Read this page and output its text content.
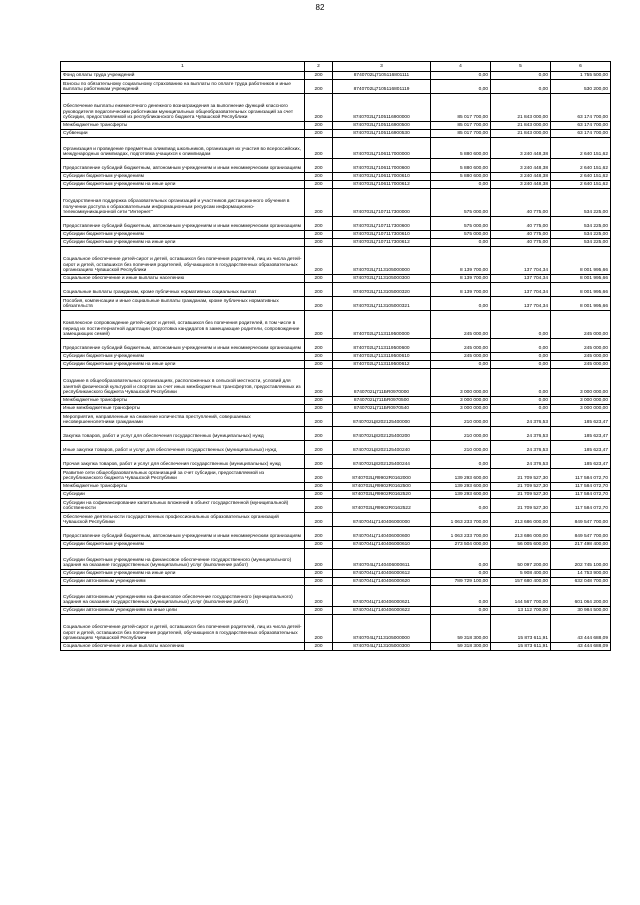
82
1	2	3	4	5	6
Фонд оплаты труда учреждений	200	8740702Ц7105116801111	0,00	0,00	1 755 500,00
Взносы по обязательному социальному страхованию на выплаты по оплате труда работников и иные выплаты работникам учреждений	200	8740702Ц7105116801119	0,00	0,00	530 200,00
Обеспечение выплаты ежемесячного денежного вознаграждения за выполнение функций классного руководителя педагогическим работникам муниципальных общеобразовательных организаций за счет субсидии, предоставляемой из республиканского бюджета Чувашской Республики	200	8740702Ц7105116900000	85 017 700,00	21 843 000,00	63 174 700,00
Межбюджетные трансферты	200	8740702Ц7105116900500	85 017 700,00	21 843 000,00	63 174 700,00
Субвенции	200	8740702Ц7105116900530	85 017 700,00	21 843 000,00	63 174 700,00
Организация и проведение предметных олимпиад школьников, организация их участия во всероссийских, международных олимпиадах, подготовка учащихся к олимпиадам	200	8740702Ц7106117000000	5 880 600,00	3 240 448,38	2 640 151,62
Предоставление субсидий бюджетным, автономным учреждениям и иным некоммерческим организациям	200	8740702Ц7106117000600	5 880 600,00	3 240 448,38	2 640 151,62
Субсидии бюджетным учреждениям	200	8740702Ц7106117000610	5 880 600,00	3 240 448,38	2 640 151,62
Субсидии бюджетным учреждениям на иные цели	200	8740702Ц7106117000612	0,00	3 240 448,38	2 640 151,62
Государственная поддержка образовательных организаций и участников дистанционного обучения в получении доступа к образовательным информационным ресурсам информационно-телекоммуникационной сети "Интернет"	200	8740702Ц7107117300000	575 000,00	40 775,00	534 225,00
Предоставление субсидий бюджетным, автономным учреждениям и иным некоммерческим организациям	200	8740702Ц7107117300600	575 000,00	40 775,00	534 225,00
Субсидии бюджетным учреждениям	200	8740702Ц7107117300610	575 000,00	40 775,00	534 225,00
Субсидии бюджетным учреждениям на иные цели	200	8740702Ц7107117300612	0,00	40 775,00	534 225,00
Социальное обеспечение детей-сирот и детей, оставшихся без попечения родителей, лиц из числа детей-сирот и детей, оставшихся без попечения родителей, обучающихся в государственных образовательных организациях Чувашской Республики	200	8740702Ц7113105000000	8 139 700,00	137 704,34	8 001 995,66
Социальное обеспечение и иные выплаты населению	200	8740702Ц7113105000300	8 139 700,00	137 704,34	8 001 995,66
Социальные выплаты гражданам, кроме публичных нормативных социальных выплат	200	8740702Ц7113105000320	8 139 700,00	137 704,34	8 001 995,66
Пособия, компенсации и иные социальные выплаты гражданам, кроме публичных нормативных обязательств	200	8740702Ц7113105000321	0,00	137 704,34	8 001 995,66
Комплексное сопровождение детей-сирот и детей, оставшихся без попечения родителей, в том числе в период их постинтернатной адаптации (подготовка кандидатов в замещающие родители, сопровождение замещающих семей)	200	8740702Ц7113119500000	245 000,00	0,00	245 000,00
Предоставление субсидий бюджетным, автономным учреждениям и иным некоммерческим организациям	200	8740702Ц7113119500600	245 000,00	0,00	245 000,00
Субсидии бюджетным учреждениям	200	8740702Ц7113119500610	245 000,00	0,00	245 000,00
Субсидии бюджетным учреждениям на иные цели	200	8740702Ц7113119500612	0,00	0,00	245 000,00
Создание в общеобразовательных организациях, расположенных в сельской местности, условий для занятий физической культурой и спортом за счет иных межбюджетных трансфертов, предоставляемых из республиканского бюджета Чувашской Республики	200	8740702Ц711БR0970000	3 000 000,00	0,00	3 000 000,00
Межбюджетные трансферты	200	8740702Ц711БR0970500	3 000 000,00	0,00	3 000 000,00
Иные межбюджетные трансферты	200	8740702Ц711БR0970540	3 000 000,00	0,00	3 000 000,00
Мероприятия, направленные на снижение количества преступлений, совершаемых несовершеннолетними гражданами	200	8740702Ц8202125400000	210 000,00	24 376,53	185 623,47
Закупка товаров, работ и услуг для обеспечения государственных (муниципальных) нужд	200	8740702Ц8202125400200	210 000,00	24 376,53	185 623,47
Иные закупки товаров, работ и услуг для обеспечения государственных (муниципальных) нужд	200	8740702Ц8202125400240	210 000,00	24 376,53	185 623,47
Прочая закупка товаров, работ и услуг для обеспечения государственных (муниципальных) нужд	200	8740702Ц8202125400244	0,00	24 376,53	185 623,47
Развитие сети общеобразовательных организаций за счет субсидии, предоставляемой из республиканского бюджета Чувашской Республики	200	8740702ЦЯ9902R0162000	139 293 600,00	21 709 527,30	117 584 072,70
Межбюджетные трансферты	200	8740702ЦЯ9902R0162500	139 293 600,00	21 709 527,30	117 584 072,70
Субсидии	200	8740702ЦЯ9902R0162520	139 293 600,00	21 709 527,30	117 584 072,70
Субсидии на софинансирование капитальных вложений в объект государственной (муниципальной) собственности	200	8740702ЦЯ9902R0162522	0,00	21 709 527,30	117 584 072,70
Обеспечение деятельности государственных профессиональных образовательных организаций Чувашской Республики	200	8740704Ц7140406000000	1 063 233 700,00	213 686 000,00	849 547 700,00
Предоставление субсидий бюджетным, автономным учреждениям и иным некоммерческим организациям	200	8740704Ц7140406000600	1 063 233 700,00	213 686 000,00	849 547 700,00
Субсидии бюджетным учреждениям	200	8740704Ц7140406000610	273 504 000,00	56 005 600,00	217 498 400,00
Субсидии бюджетным учреждениям на финансовое обеспечение государственного (муниципального) задания на оказание государственных (муниципальных) услуг (выполнение работ)	200	8740704Ц7140406000611	0,00	50 097 200,00	202 745 100,00
Субсидии бюджетным учреждениям на иные цели	200	8740704Ц7140406000612	0,00	5 908 400,00	14 753 900,00
Субсидии автономным учреждениям	200	8740704Ц7140406000620	789 729 100,00	157 680 400,00	632 048 700,00
Субсидии автономным учреждениям на финансовое обеспечение государственного (муниципального) задания на оказание государственных (муниципальных) услуг (выполнение работ)	200	8740704Ц7140406000621	0,00	144 567 700,00	601 064 200,00
Субсидии автономным учреждениям на иные цели	200	8740704Ц7140406000622	0,00	13 112 700,00	30 984 500,00
Социальное обеспечение детей-сирот и детей, оставшихся без попечения родителей, лиц из числа детей-сирот и детей, оставшихся без попечения родителей, обучающихся в государственных образовательных организациях Чувашской Республики	200	8740704Ц7113105000000	59 318 300,00	15 873 611,91	43 444 688,09
Социальное обеспечение и иные выплаты населению	200	8740704Ц7113105000300	59 318 300,00	15 873 611,91	43 444 688,09
